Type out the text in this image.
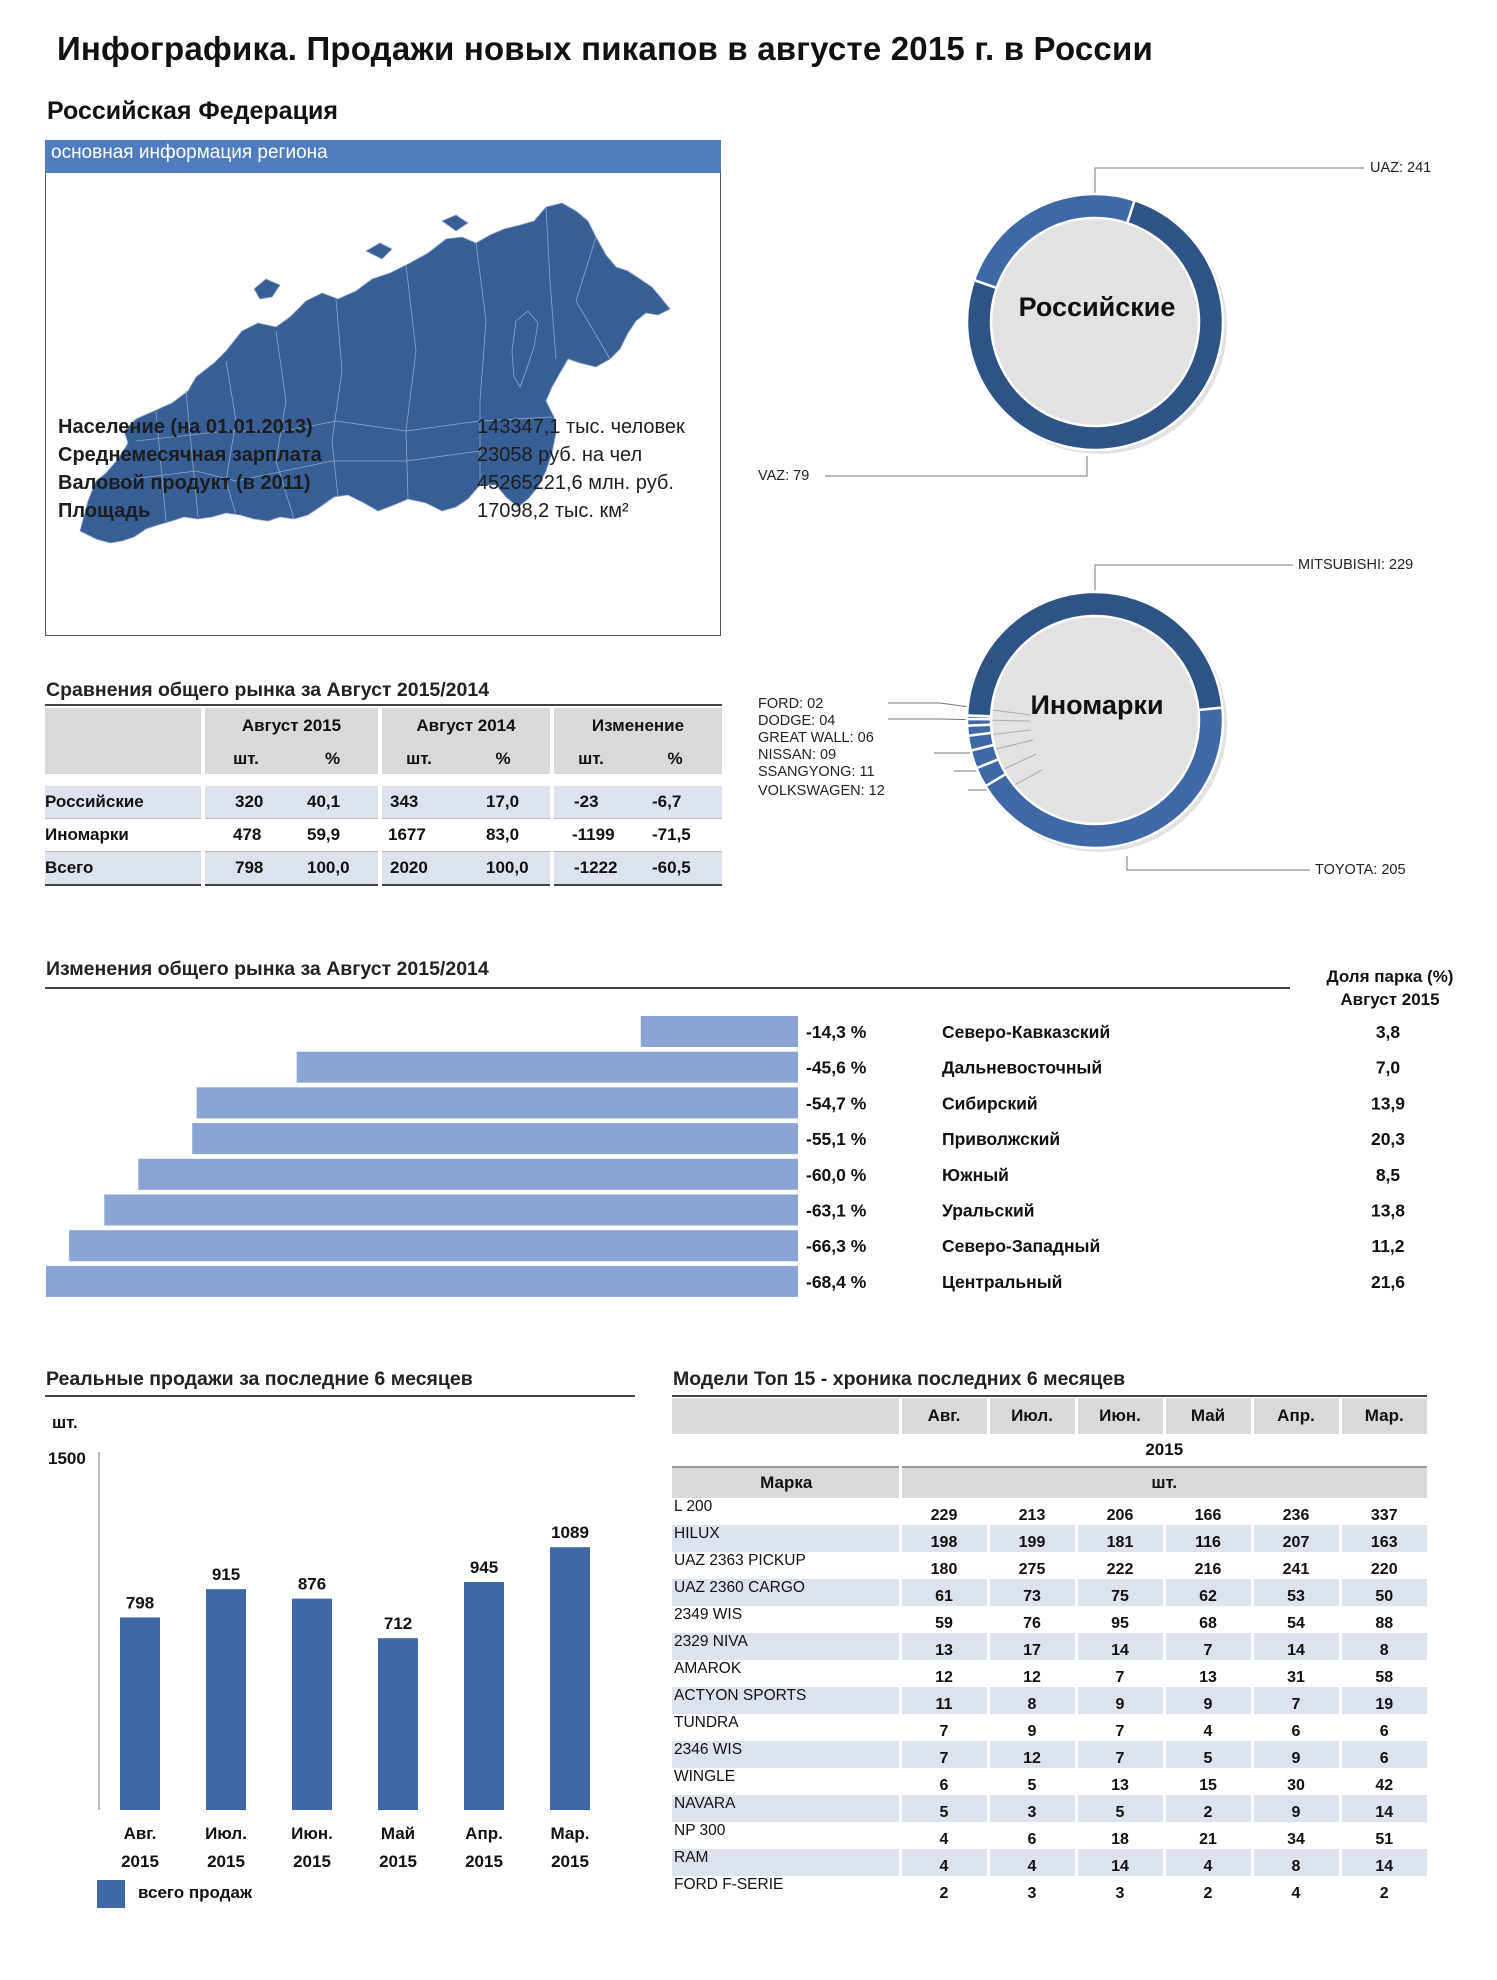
Инфографика. Продажи новых пикапов в августе 2015 г. в России
Российская Федерация
основная информация региона
Население (на 01.01.2013)	143347,1 тыс. человек
Среднемесячная зарплата	23058 руб. на чел
Валовой продукт (в 2011)	45265221,6 млн. руб.
Площадь	17098,2 тыс. км²
Сравнения общего рынка за Август 2015/2014
	Август 2015		Август 2014		Изменение	
	шт.	%	шт.	%	шт.	%

Российские	320	40,1	343	17,0	-23	-6,7
Иномарки	478	59,9	1677	83,0	-1199	-71,5
Всего	798	100,0	2020	100,0	-1222	-60,5
UAZ: 241
VAZ: 79
Российские
MITSUBISHI: 229
TOYOTA: 205
FORD: 02
DODGE: 04
GREAT WALL: 06
NISSAN: 09
SSANGYONG: 11
VOLKSWAGEN: 12
Иномарки
Изменения общего рынка за Август 2015/2014	Доля парка (%)
Август 2015
-14,3 %	Северо-Кавказский	3,8
-45,6 %	Дальневосточный	7,0
-54,7 %	Сибирский	13,9
-55,1 %	Приволжский	20,3
-60,0 %	Южный	8,5
-63,1 %	Уральский	13,8
-66,3 %	Северо-Западный	11,2
-68,4 %	Центральный	21,6
Реальные продажи за последние 6 месяцев
шт.
1500
798
Авг.
2015
915
Июл.
2015
876
Июн.
2015
712
Май
2015
945
Апр.
2015
1089
Мар.
2015
всего продаж
Модели Топ 15 - хроника последних 6 месяцев
	Авг.	Июл.	Июн.	Май	Апр.	Мар.
	2015					
Марка	шт.					
L 200	229	213	206	166	236	337
HILUX	198	199	181	116	207	163
UAZ 2363 PICKUP	180	275	222	216	241	220
UAZ 2360 CARGO	61	73	75	62	53	50
2349 WIS	59	76	95	68	54	88
2329 NIVA	13	17	14	7	14	8
AMAROK	12	12	7	13	31	58
ACTYON SPORTS	11	8	9	9	7	19
TUNDRA	7	9	7	4	6	6
2346 WIS	7	12	7	5	9	6
WINGLE	6	5	13	15	30	42
NAVARA	5	3	5	2	9	14
NP 300	4	6	18	21	34	51
RAM	4	4	14	4	8	14
FORD F-SERIE	2	3	3	2	4	2
